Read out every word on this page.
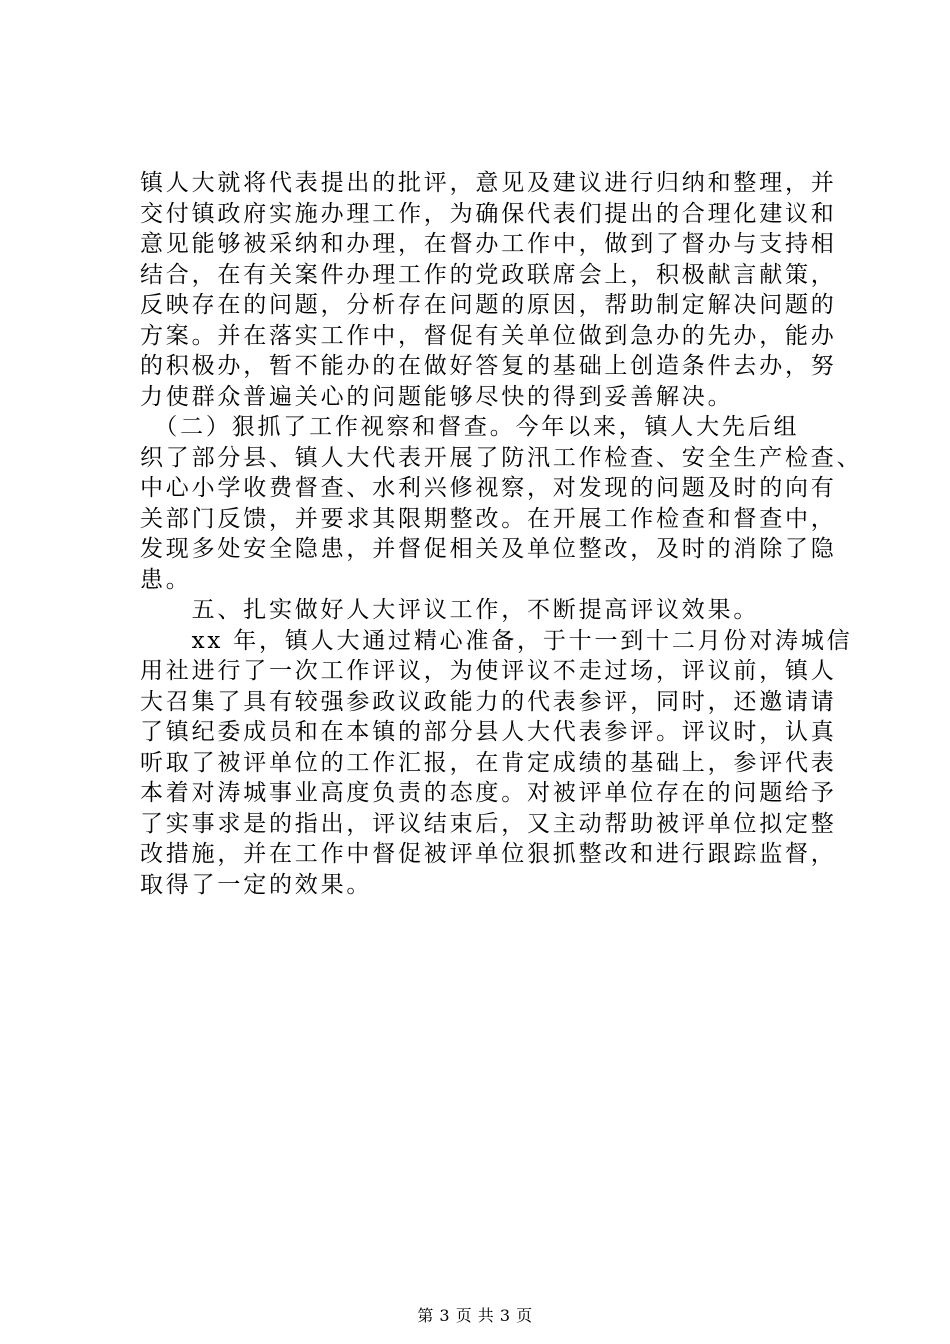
镇人大就将代表提出的批评，意见及建议进行归纳和整理，并
交付镇政府实施办理工作，为确保代表们提出的合理化建议和
意见能够被采纳和办理，在督办工作中，做到了督办与支持相
结合，在有关案件办理工作的党政联席会上，积极献言献策，
反映存在的问题，分析存在问题的原因，帮助制定解决问题的
方案。并在落实工作中，督促有关单位做到急办的先办，能办
的积极办，暂不能办的在做好答复的基础上创造条件去办，努
力使群众普遍关心的问题能够尽快的得到妥善解决。
　（二）狠抓了工作视察和督查。今年以来，镇人大先后组
织了部分县、镇人大代表开展了防汛工作检查、安全生产检查、
中心小学收费督查、水利兴修视察，对发现的问题及时的向有
关部门反馈，并要求其限期整改。在开展工作检查和督查中，
发现多处安全隐患，并督促相关及单位整改，及时的消除了隐
患。
　　五、扎实做好人大评议工作，不断提高评议效果。
　　xx 年，镇人大通过精心准备，于十一到十二月份对涛城信
用社进行了一次工作评议，为使评议不走过场，评议前，镇人
大召集了具有较强参政议政能力的代表参评，同时，还邀请请
了镇纪委成员和在本镇的部分县人大代表参评。评议时，认真
听取了被评单位的工作汇报，在肯定成绩的基础上，参评代表
本着对涛城事业高度负责的态度。对被评单位存在的问题给予
了实事求是的指出，评议结束后，又主动帮助被评单位拟定整
改措施，并在工作中督促被评单位狠抓整改和进行跟踪监督，
取得了一定的效果。
第 3 页 共 3 页
